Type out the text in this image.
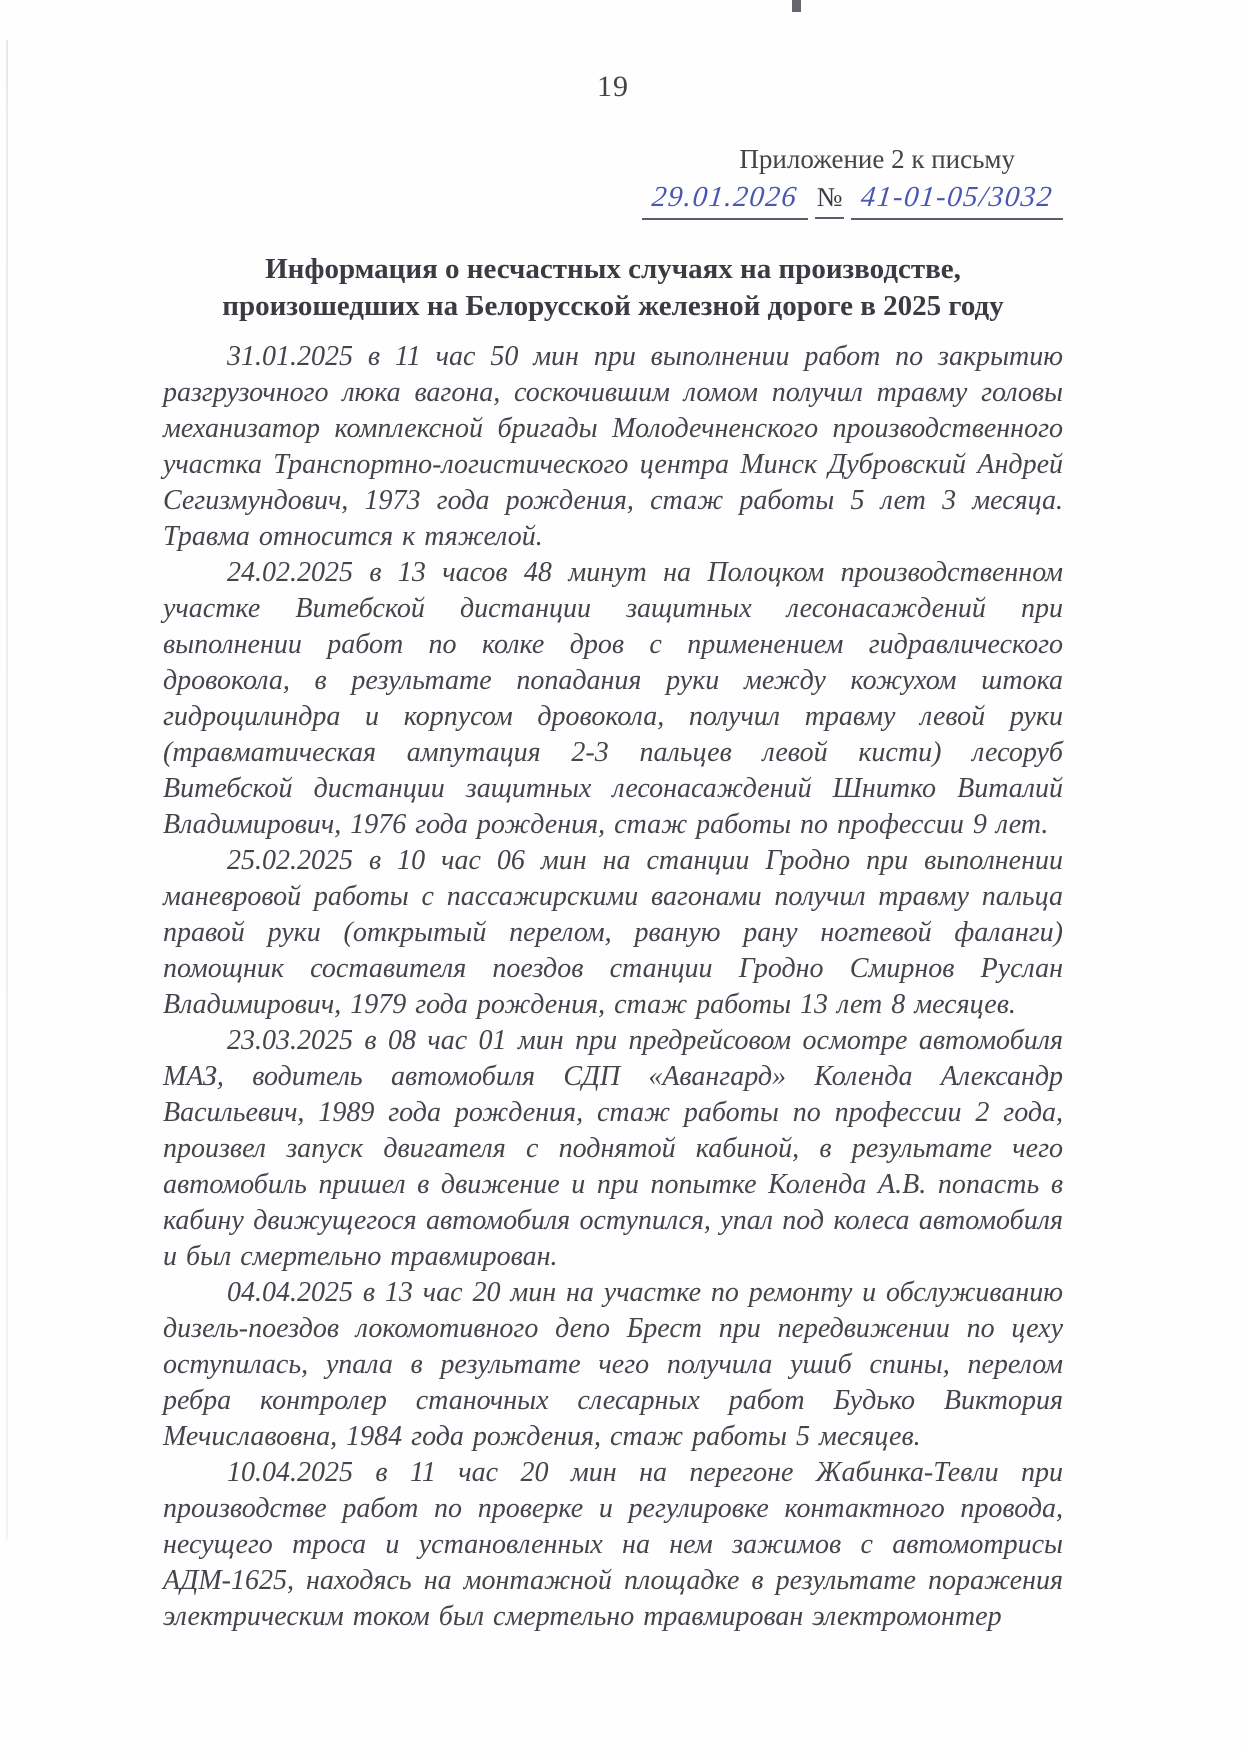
19
Приложение 2 к письму
29.01.2026 № 41-01-05/3032
Информация о несчастных случаях на производстве,
произошедших на Белорусской железной дороге в 2025 году

31.01.2025 в 11 час 50 мин при выполнении работ по закрытию разгрузочного люка вагона, соскочившим ломом получил травму головы механизатор комплексной бригады Молодечненского производственного участка Транспортно-логистического центра Минск Дубровский Андрей Сегизмундович, 1973 года рождения, стаж работы 5 лет 3 месяца. Травма относится к тяжелой.

24.02.2025 в 13 часов 48 минут на Полоцком производственном участке Витебской дистанции защитных лесонасаждений при выполнении работ по колке дров с применением гидравлического дровокола, в результате попадания руки между кожухом штока гидроцилиндра и корпусом дровокола, получил травму левой руки (травматическая ампутация 2-3 пальцев левой кисти) лесоруб Витебской дистанции защитных лесонасаждений Шнитко Виталий Владимирович, 1976 года рождения, стаж работы по профессии 9 лет.

25.02.2025 в 10 час 06 мин на станции Гродно при выполнении маневровой работы с пассажирскими вагонами получил травму пальца правой руки (открытый перелом, рваную рану ногтевой фаланги) помощник составителя поездов станции Гродно Смирнов Руслан Владимирович, 1979 года рождения, стаж работы 13 лет 8 месяцев.

23.03.2025 в 08 час 01 мин при предрейсовом осмотре автомобиля МАЗ, водитель автомобиля СДП «Авангард» Коленда Александр Васильевич, 1989 года рождения, стаж работы по профессии 2 года, произвел запуск двигателя с поднятой кабиной, в результате чего автомобиль пришел в движение и при попытке Коленда А.В. попасть в кабину движущегося автомобиля оступился, упал под колеса автомобиля и был смертельно травмирован.

04.04.2025 в 13 час 20 мин на участке по ремонту и обслуживанию дизель-поездов локомотивного депо Брест при передвижении по цеху оступилась, упала в результате чего получила ушиб спины, перелом ребра контролер станочных слесарных работ Будько Виктория Мечиславовна, 1984 года рождения, стаж работы 5 месяцев.

10.04.2025 в 11 час 20 мин на перегоне Жабинка-Тевли при производстве работ по проверке и регулировке контактного провода, несущего троса и установленных на нем зажимов с автомотрисы АДМ-1625, находясь на монтажной площадке в результате поражения электрическим током был смертельно травмирован электромонтер
